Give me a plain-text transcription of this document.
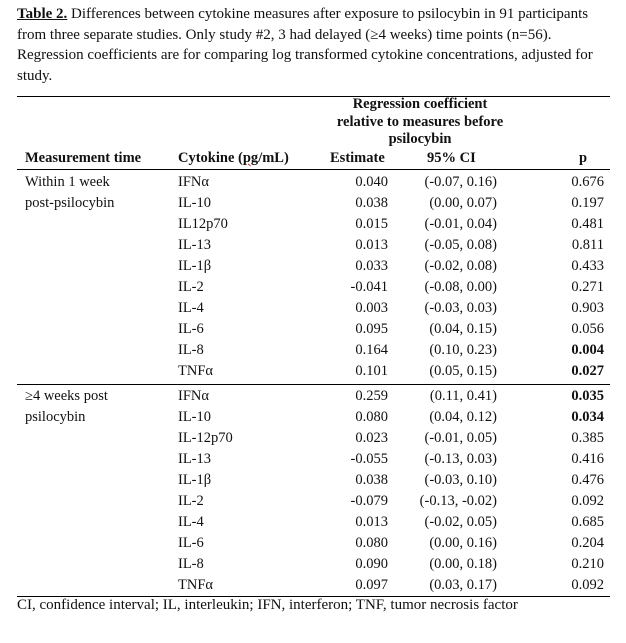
Table 2. Differences between cytokine measures after exposure to psilocybin in 91 participants
from three separate studies. Only study #2, 3 had delayed (≥4 weeks) time points (n=56).
Regression coefficients are for comparing log transformed cytokine concentrations, adjusted for
study.
Regression coefficient
relative to measures before
psilocybin
Measurement time	Cytokine (pg/mL)	Estimate	95% CI	p
Within 1 week
post-psilocybin
IFNα	0.040	(-0.07, 0.16)	0.676
IL-10	0.038	(0.00, 0.07)	0.197
IL12p70	0.015	(-0.01, 0.04)	0.481
IL-13	0.013	(-0.05, 0.08)	0.811
IL-1β	0.033	(-0.02, 0.08)	0.433
IL-2	-0.041	(-0.08, 0.00)	0.271
IL-4	0.003	(-0.03, 0.03)	0.903
IL-6	0.095	(0.04, 0.15)	0.056
IL-8	0.164	(0.10, 0.23)	0.004
TNFα	0.101	(0.05, 0.15)	0.027
≥4 weeks post
psilocybin
IFNα	0.259	(0.11, 0.41)	0.035
IL-10	0.080	(0.04, 0.12)	0.034
IL-12p70	0.023	(-0.01, 0.05)	0.385
IL-13	-0.055	(-0.13, 0.03)	0.416
IL-1β	0.038	(-0.03, 0.10)	0.476
IL-2	-0.079 (-0.13, -0.02)	0.092
IL-4	0.013	(-0.02, 0.05)	0.685
IL-6	0.080	(0.00, 0.16)	0.204
IL-8	0.090	(0.00, 0.18)	0.210
TNFα	0.097	(0.03, 0.17)	0.092
CI, confidence interval; IL, interleukin; IFN, interferon; TNF, tumor necrosis factor
